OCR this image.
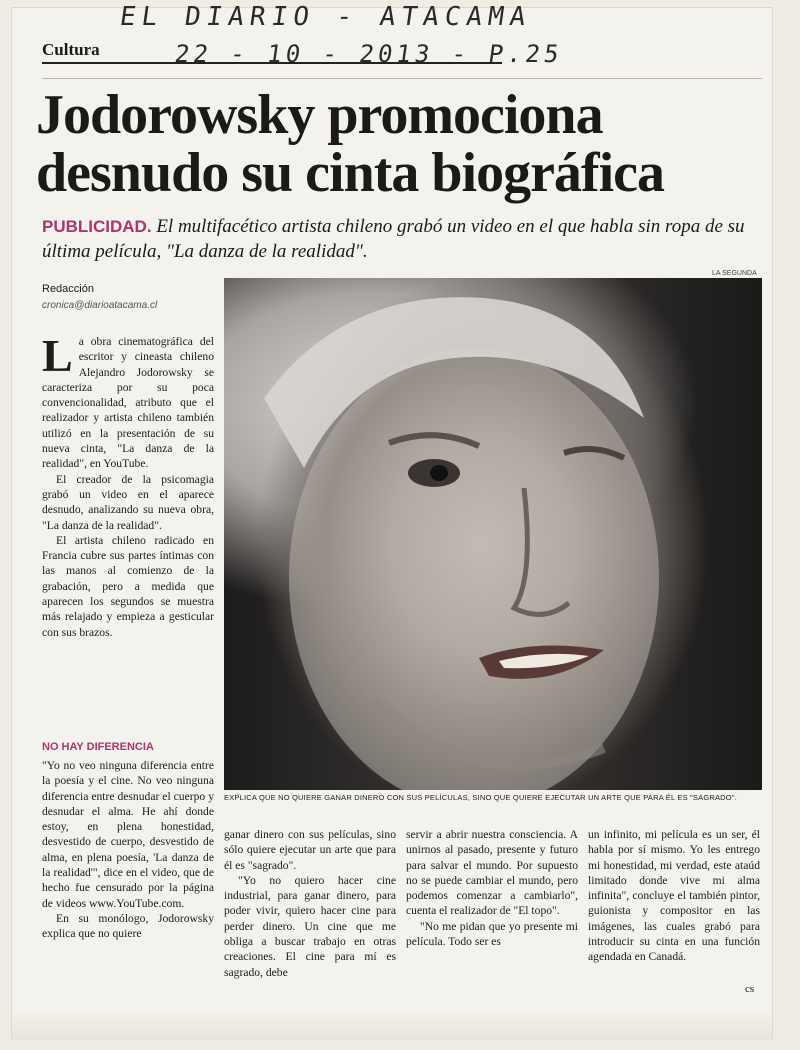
EL DIARIO - ATACAMA
22 - 10 - 2013 - P.25
Cultura
Jodorowsky promociona desnudo su cinta biográfica
PUBLICIDAD. El multifacético artista chileno grabó un video en el que habla sin ropa de su última película, "La danza de la realidad".
Redacción
cronica@diarioatacama.cl
LA SEGUNDA
EXPLICA QUE NO QUIERE GANAR DINERO CON SUS PELÍCULAS, SINO QUE QUIERE EJECUTAR UN ARTE QUE PARA ÉL ES "SAGRADO".

La obra cinematográfica del escritor y cineasta chileno Alejandro Jodorowsky se caracteriza por su poca convencionalidad, atributo que el realizador y artista chileno también utilizó en la presentación de su nueva cinta, "La danza de la realidad", en YouTube.

El creador de la psicomagia grabó un video en el aparece desnudo, analizando su nueva obra, "La danza de la realidad".

El artista chileno radicado en Francia cubre sus partes íntimas con las manos al comienzo de la grabación, pero a medida que aparecen los segundos se muestra más relajado y empieza a gesticular con sus brazos.

NO HAY DIFERENCIA

"Yo no veo ninguna diferencia entre la poesía y el cine. No veo ninguna diferencia entre desnudar el cuerpo y desnudar el alma. He ahí donde estoy, en plena honestidad, desvestido de cuerpo, desvestido de alma, en plena poesía, 'La danza de la realidad'", dice en el video, que de hecho fue censurado por la página de videos www.YouTube.com.

En su monólogo, Jodorowsky explica que no quiere

ganar dinero con sus películas, sino sólo quiere ejecutar un arte que para él es "sagrado".

"Yo no quiero hacer cine industrial, para ganar dinero, para poder vivir, quiero hacer cine para perder dinero. Un cine que me obliga a buscar trabajo en otras creaciones. El cine para mí es sagrado, debe

servir a abrir nuestra consciencia. A unirnos al pasado, presente y futuro para salvar el mundo. Por supuesto no se puede cambiar el mundo, pero podemos comenzar a cambiarlo", cuenta el realizador de "El topo".

"No me pidan que yo presente mi película. Todo ser es

un infinito, mi película es un ser, él habla por sí mismo. Yo les entrego mi honestidad, mi verdad, este ataúd limitado donde vive mi alma infinita", concluye el también pintor, guionista y compositor en las imágenes, las cuales grabó para introducir su cinta en una función agendada en Canadá.

cs
